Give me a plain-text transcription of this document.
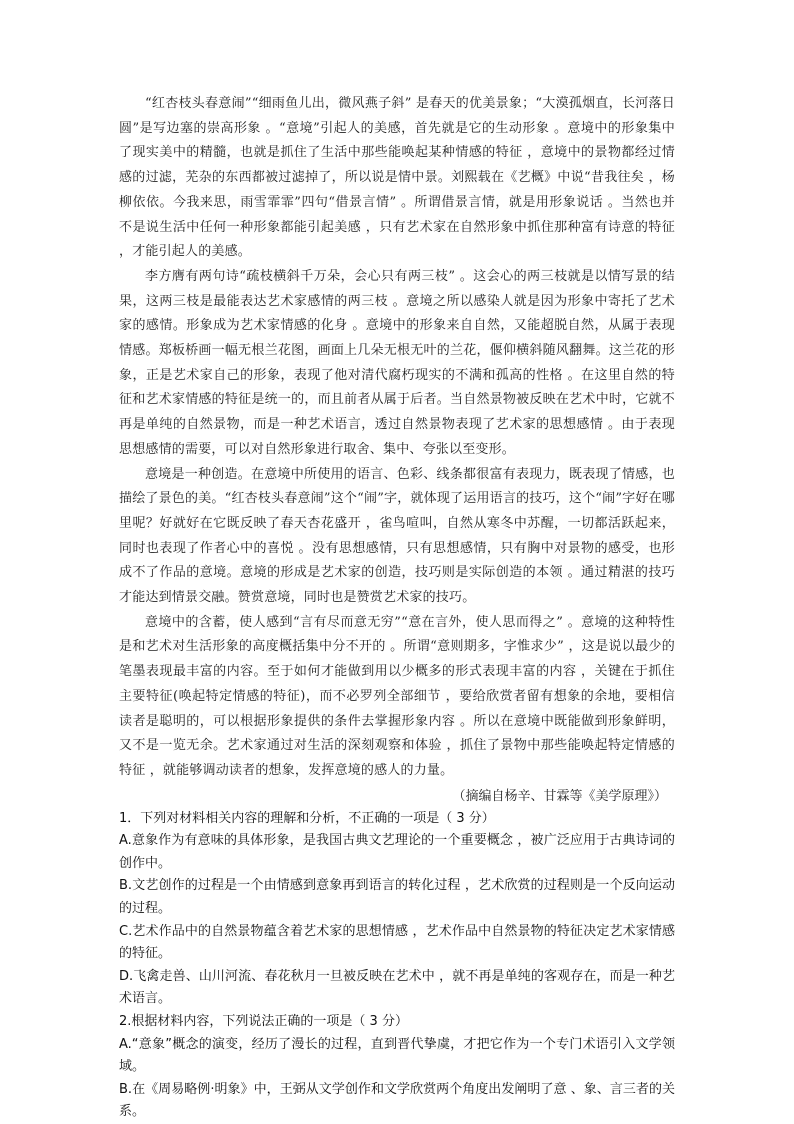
“红杏枝头春意闹”“细雨鱼儿出，微风燕子斜” 是春天的优美景象；“大漠孤烟直，长河落日圆”是写边塞的崇高形象 。“意境”引起人的美感，首先就是它的生动形象 。意境中的形象集中了现实美中的精髓，也就是抓住了生活中那些能唤起某种情感的特征 ，意境中的景物都经过情感的过滤，芜杂的东西都被过滤掉了，所以说是情中景。刘熙载在《艺概》中说“昔我往矣 ，杨柳依依。今我来思，雨雪霏霏”四句“借景言情” 。所谓借景言情，就是用形象说话 。当然也并不是说生活中任何一种形象都能引起美感 ，只有艺术家在自然形象中抓住那种富有诗意的特征 ，才能引起人的美感。

李方膺有两句诗“疏枝横斜千万朵，会心只有两三枝” 。这会心的两三枝就是以情写景的结果，这两三枝是最能表达艺术家感情的两三枝 。意境之所以感染人就是因为形象中寄托了艺术家的感情。形象成为艺术家情感的化身 。意境中的形象来自自然，又能超脱自然，从属于表现情感。郑板桥画一幅无根兰花图，画面上几朵无根无叶的兰花，偃仰横斜随风翻舞。这兰花的形象，正是艺术家自己的形象，表现了他对清代腐朽现实的不满和孤高的性格 。在这里自然的特征和艺术家情感的特征是统一的，而且前者从属于后者。当自然景物被反映在艺术中时，它就不再是单纯的自然景物，而是一种艺术语言，透过自然景物表现了艺术家的思想感情 。由于表现思想感情的需要，可以对自然形象进行取舍、集中、夸张以至变形。

意境是一种创造。在意境中所使用的语言、色彩、线条都很富有表现力，既表现了情感，也描绘了景色的美。“红杏枝头春意闹”这个“闹”字，就体现了运用语言的技巧，这个“闹”字好在哪里呢？好就好在它既反映了春天杏花盛开 ，雀鸟喧叫，自然从寒冬中苏醒，一切都活跃起来，同时也表现了作者心中的喜悦 。没有思想感情，只有思想感情，只有胸中对景物的感受，也形成不了作品的意境。意境的形成是艺术家的创造，技巧则是实际创造的本领 。通过精湛的技巧才能达到情景交融。赞赏意境，同时也是赞赏艺术家的技巧。

意境中的含蓄，使人感到“言有尽而意无穷”“意在言外，使人思而得之” 。意境的这种特性是和艺术对生活形象的高度概括集中分不开的 。所谓“意则期多，字惟求少” ，这是说以最少的笔墨表现最丰富的内容。至于如何才能做到用以少概多的形式表现丰富的内容 ，关键在于抓住主要特征(唤起特定情感的特征)，而不必罗列全部细节 ，要给欣赏者留有想象的余地，要相信读者是聪明的，可以根据形象提供的条件去掌握形象内容 。所以在意境中既能做到形象鲜明，又不是一览无余。艺术家通过对生活的深刻观察和体验 ，抓住了景物中那些能唤起特定情感的特征 ，就能够调动读者的想象，发挥意境的感人的力量。

（摘编自杨辛、甘霖等《美学原理》）

1．下列对材料相关内容的理解和分析，不正确的一项是（ 3 分）

A.意象作为有意味的具体形象，是我国古典文艺理论的一个重要概念 ，被广泛应用于古典诗词的创作中。

B.文艺创作的过程是一个由情感到意象再到语言的转化过程 ，艺术欣赏的过程则是一个反向运动的过程。

C.艺术作品中的自然景物蕴含着艺术家的思想情感 ，艺术作品中自然景物的特征决定艺术家情感的特征。

D.飞禽走兽、山川河流、春花秋月一旦被反映在艺术中 ，就不再是单纯的客观存在，而是一种艺术语言。

2.根据材料内容，下列说法正确的一项是（ 3 分）

A.“意象”概念的演变，经历了漫长的过程，直到晋代挚虞，才把它作为一个专门术语引入文学领域。

B.在《周易略例·明象》中，王弼从文学创作和文学欣赏两个角度出发阐明了意 、象、言三者的关系。
